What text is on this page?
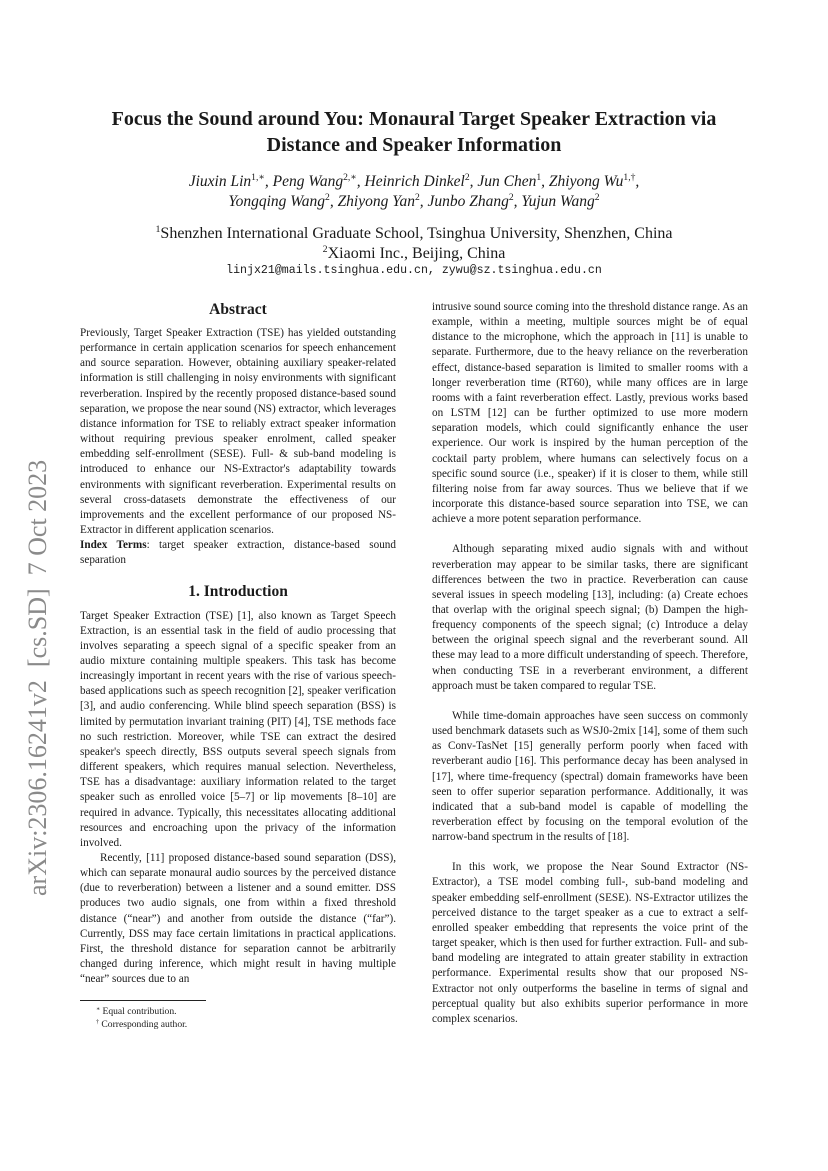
arXiv:2306.16241v2  [cs.SD]  7 Oct 2023
Focus the Sound around You: Monaural Target Speaker Extraction via Distance and Speaker Information
Jiuxin Lin$^{1,∗}$, Peng Wang$^{2,∗}$, Heinrich Dinkel$^2$, Jun Chen$^1$, Zhiyong $Wu^{1,\dagger}$,
Yongqing Wang$^2$, Zhiyong Yan$^2$, Junbo Zhang$^2$, Yujun Wang$^2$
$^1$Shenzhen International Graduate School, Tsinghua University, Shenzhen, China
$^2$Xiaomi Inc., Beijing, China
linjx21@mails.tsinghua.edu.cn, zywu@sz.tsinghua.edu.cn
Abstract

Previously, Target Speaker Extraction (TSE) has yielded outstanding performance in certain application scenarios for speech enhancement and source separation. However, obtaining auxiliary speaker-related information is still challenging in noisy environments with significant reverberation. Inspired by the recently proposed distance-based sound separation, we propose the near sound (NS) extractor, which leverages distance information for TSE to reliably extract speaker information without requiring previous speaker enrolment, called speaker embedding self-enrollment (SESE). Full- & sub-band modeling is introduced to enhance our NS-Extractor's adaptability towards environments with significant reverberation. Experimental results on several cross-datasets demonstrate the effectiveness of our improvements and the excellent performance of our proposed NS-Extractor in different application scenarios.

Index Terms: target speaker extraction, distance-based sound separation

1. Introduction

Target Speaker Extraction (TSE) [1], also known as Target Speech Extraction, is an essential task in the field of audio processing that involves separating a speech signal of a specific speaker from an audio mixture containing multiple speakers. This task has become increasingly important in recent years with the rise of various speech-based applications such as speech recognition [2], speaker verification [3], and audio conferencing. While blind speech separation (BSS) is limited by permutation invariant training (PIT) [4], TSE methods face no such restriction. Moreover, while TSE can extract the desired speaker's speech directly, BSS outputs several speech signals from different speakers, which requires manual selection. Nevertheless, TSE has a disadvantage: auxiliary information related to the target speaker such as enrolled voice [5–7] or lip movements [8–10] are required in advance. Typically, this necessitates allocating additional resources and encroaching upon the privacy of the information involved.

Recently, [11] proposed distance-based sound separation (DSS), which can separate monaural audio sources by the perceived distance (due to reverberation) between a listener and a sound emitter. DSS produces two audio signals, one from within a fixed threshold distance (“near”) and another from outside the distance (“far”). Currently, DSS may face certain limitations in practical applications. First, the threshold distance for separation cannot be arbitrarily changed during inference, which might result in having multiple “near” sources due to an

intrusive sound source coming into the threshold distance range. As an example, within a meeting, multiple sources might be of equal distance to the microphone, which the approach in [11] is unable to separate. Furthermore, due to the heavy reliance on the reverberation effect, distance-based separation is limited to smaller rooms with a longer reverberation time (RT60), while many offices are in large rooms with a faint reverberation effect. Lastly, previous works based on LSTM [12] can be further optimized to use more modern separation models, which could significantly enhance the user experience. Our work is inspired by the human perception of the cocktail party problem, where humans can selectively focus on a specific sound source (i.e., speaker) if it is closer to them, while still filtering noise from far away sources. Thus we believe that if we incorporate this distance-based source separation into TSE, we can achieve a more potent separation performance.

Although separating mixed audio signals with and without reverberation may appear to be similar tasks, there are significant differences between the two in practice. Reverberation can cause several issues in speech modeling [13], including: (a) Create echoes that overlap with the original speech signal; (b) Dampen the high-frequency components of the speech signal; (c) Introduce a delay between the original speech signal and the reverberant sound. All these may lead to a more difficult understanding of speech. Therefore, when conducting TSE in a reverberant environment, a different approach must be taken compared to regular TSE.

While time-domain approaches have seen success on commonly used benchmark datasets such as WSJ0-2mix [14], some of them such as Conv-TasNet [15] generally perform poorly when faced with reverberant audio [16]. This performance decay has been analysed in [17], where time-frequency (spectral) domain frameworks have been seen to offer superior separation performance. Additionally, it was indicated that a sub-band model is capable of modelling the reverberation effect by focusing on the temporal evolution of the narrow-band spectrum in the results of [18].

In this work, we propose the Near Sound Extractor (NS-Extractor), a TSE model combing full-, sub-band modeling and speaker embedding self-enrollment (SESE). NS-Extractor utilizes the perceived distance to the target speaker as a cue to extract a self-enrolled speaker embedding that represents the voice print of the target speaker, which is then used for further extraction. Full- and sub-band modeling are integrated to attain greater stability in extraction performance. Experimental results show that our proposed NS-Extractor not only outperforms the baseline in terms of signal and perceptual quality but also exhibits superior performance in more complex scenarios.

∗ Equal contribution.
† Corresponding author.
